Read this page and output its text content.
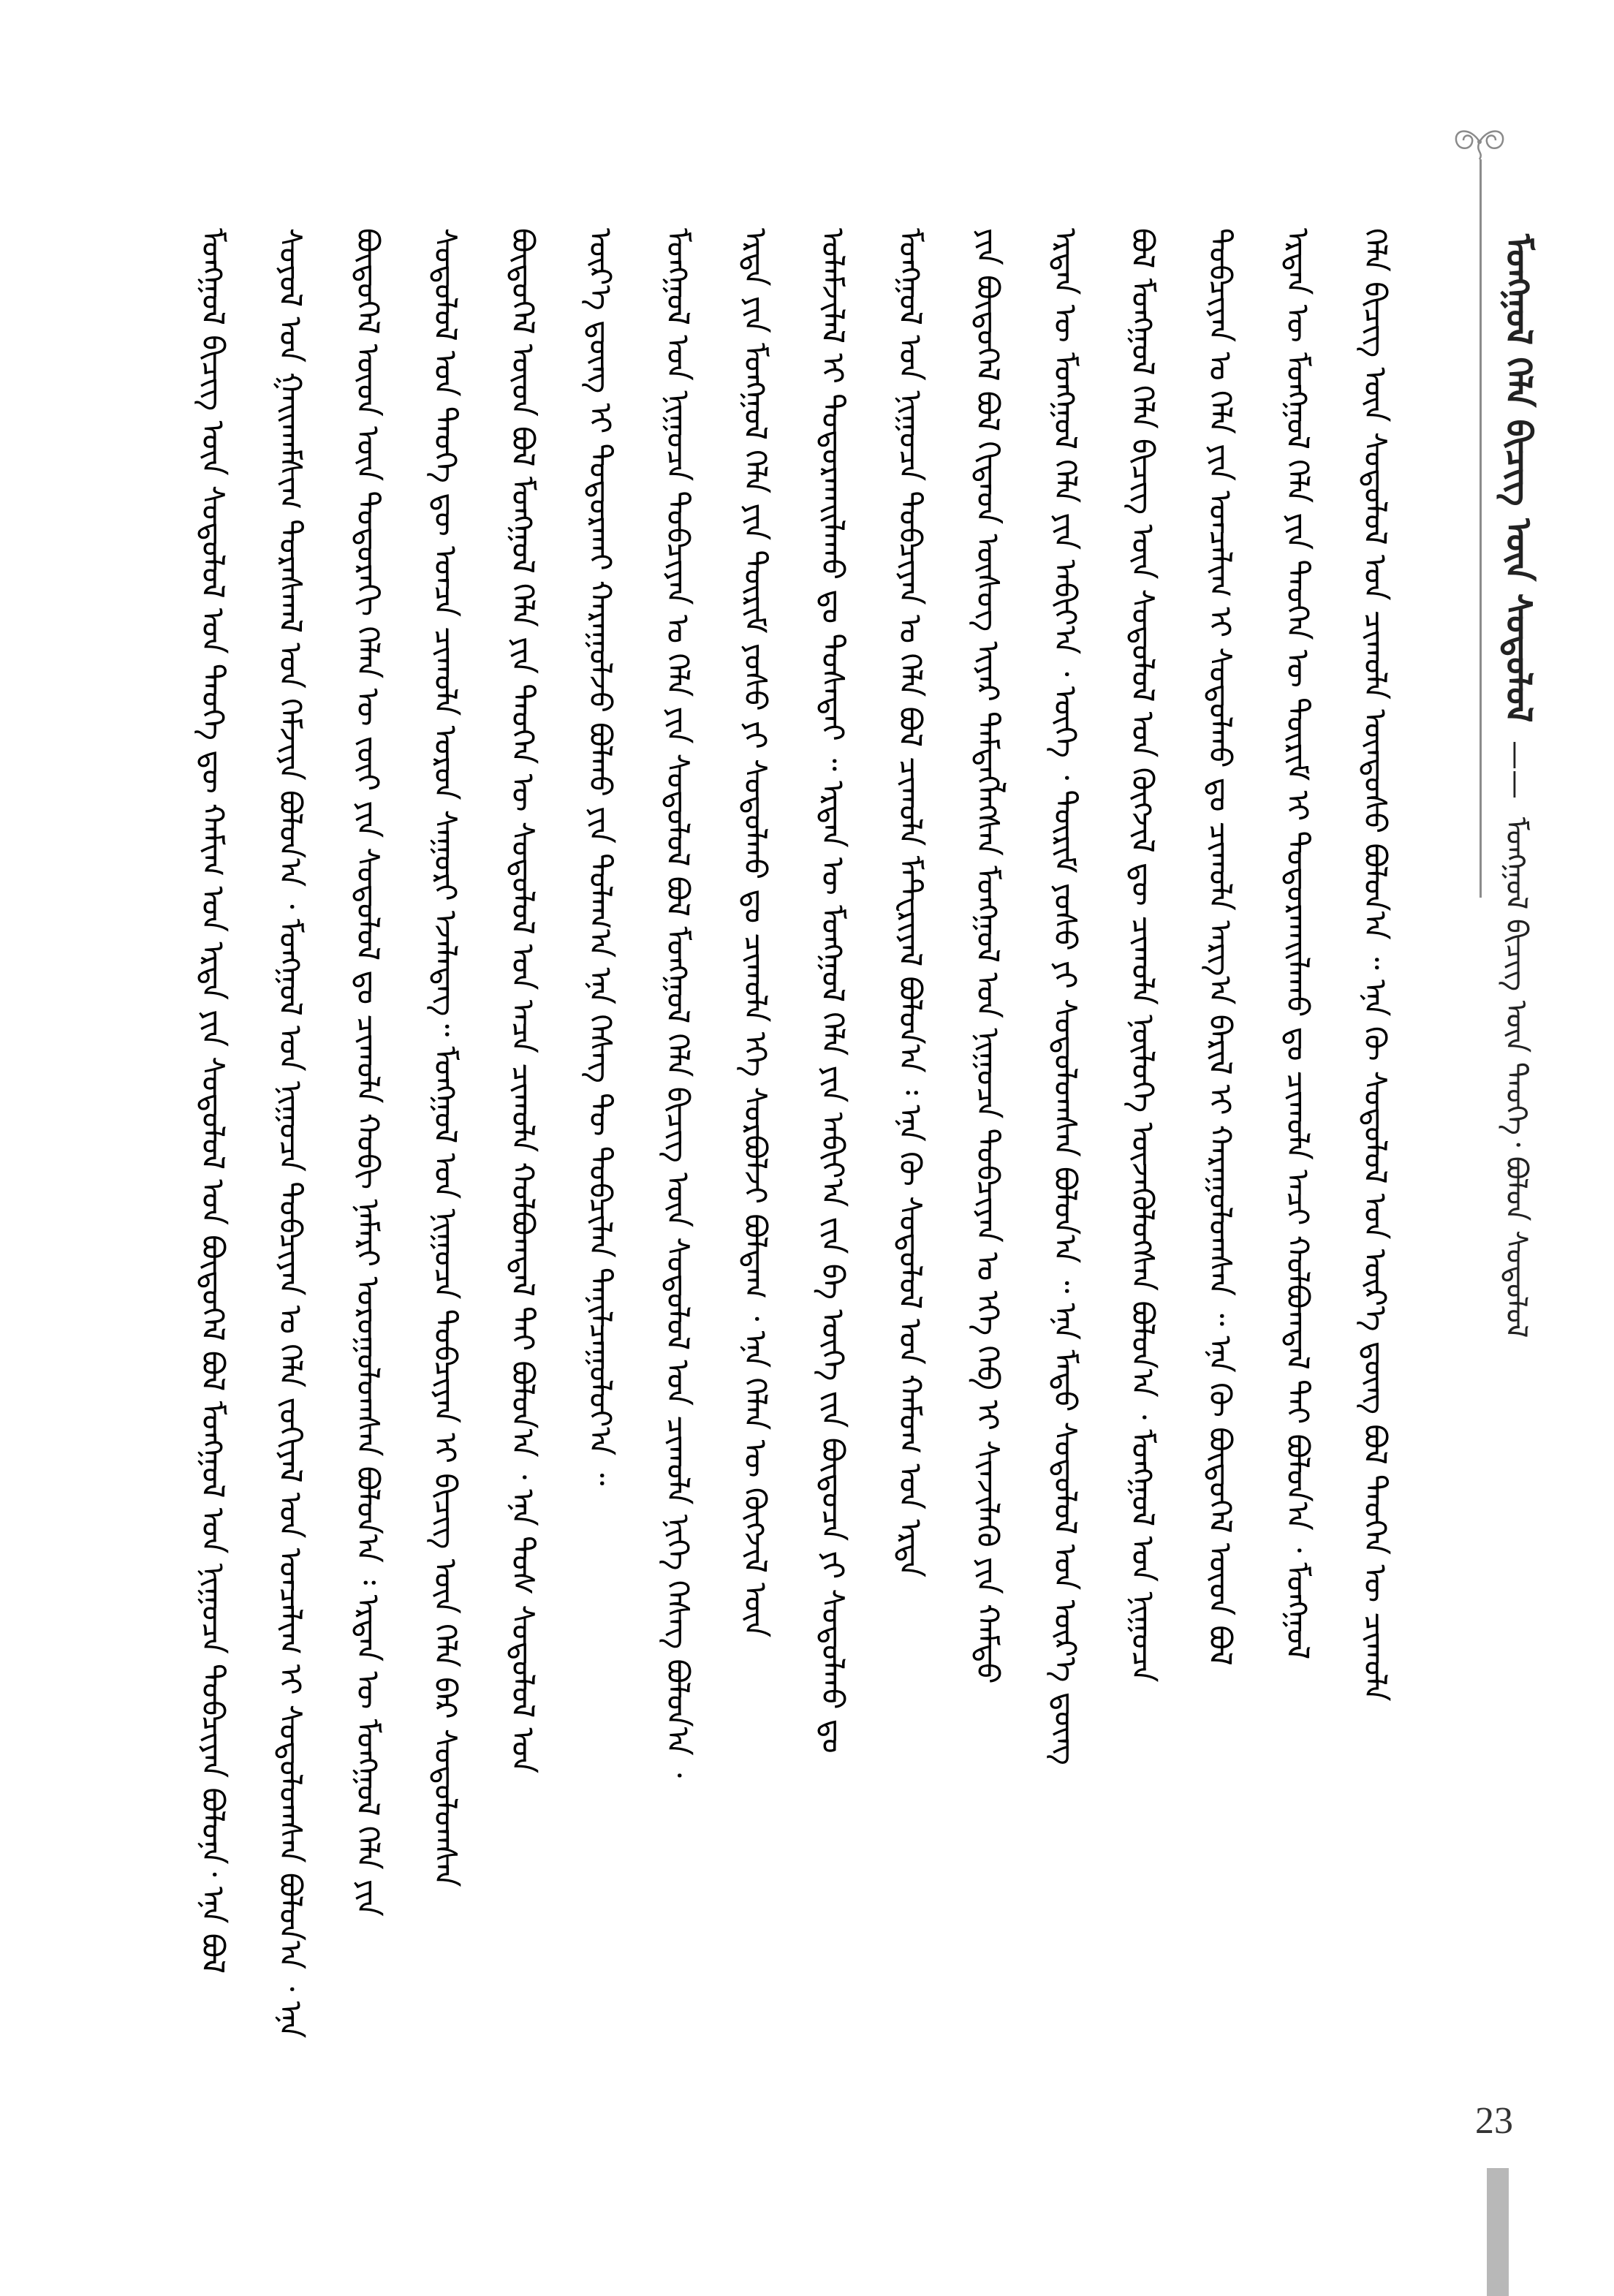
ᠮᠣᠩᠭᠣᠯ ᠬᠡᠯᠡ ᠪᠢᠴᠢᠭ ᠦᠨ ᠰᠤᠳᠤᠯᠤᠯ —— ᠮᠣᠩᠭᠣᠯ ᠪᠢᠴᠢᠭ ᠦᠨ ᠲᠡᠦᠬᠡ᠂ ᠪᠣᠯᠤᠨ ᠰᠤᠳᠤᠯᠤᠯ
ᠮᠣᠩᠭᠣᠯ ᠪᠢᠴᠢᠭ ᠦᠨ ᠰᠤᠳᠤᠯᠤᠯ ᠤᠨ ᠲᠡᠦᠬᠡ ᠳᠦ ᠬᠠᠮᠢᠭ ᠤᠨ ᠡᠷᠲᠡ ᠶᠢᠨ ᠰᠤᠳᠤᠯᠤᠯ ᠤᠨ ᠪᠦᠲᠦᠭᠡᠯ ᠪᠣᠯ ᠮᠣᠩᠭᠣᠯ ᠤᠨ ᠨᠢᠭᠤᠴᠠ ᠲᠣᠪᠴᠢᠶᠠᠨ ᠪᠣᠯᠤᠨᠠ᠂ ᠡᠨᠡ ᠪᠣᠯ ᠰᠣᠶᠣᠯ ᠤᠨ ᠭᠠᠢᠬᠠᠮᠰᠢᠭ ᠳᠤᠷᠠᠰᠬᠠᠯ ᠤᠨ ᠬᠡᠮᠵᠢᠶᠡ ᠪᠣᠯᠤᠨ᠎ᠠ ᠂ ᠮᠣᠩᠭᠣᠯ ᠤᠨ ᠨᠢᠭᠤᠴᠠ ᠲᠣᠪᠴᠢᠶᠠᠨ ᠤ ᠬᠡᠯᠡ ᠵᠣᠬᠢᠶᠠᠯ ᠤᠨ ᠣᠨᠴᠠᠯᠢᠭ ᠢ ᠰᠤᠳᠤᠯᠤᠭᠰᠠᠨ ᠪᠣᠯᠤᠨ᠎ᠠ ᠂ ᠡᠨᠡ ᠪᠦᠲᠦᠭᠡᠯ ᠦᠳ ᠦᠨ ᠳᠣᠲᠣᠷᠠᠬᠢ ᠬᠡᠯᠡᠨ ᠦ ᠵᠦᠢ ᠶᠢᠨ ᠰᠤᠳᠤᠯᠤᠯ ᠳᠤ ᠴᠢᠬᠤᠯᠠ ᠬᠤᠪᠢ ᠨᠡᠮᠡᠷᠢ ᠣᠷᠤᠭᠤᠯᠤᠭᠰᠠᠨ ᠪᠣᠯᠤᠨ᠎ᠠ ᠄ ᠡᠷᠲᠡᠨ ᠦ ᠮᠣᠩᠭᠣᠯ ᠬᠡᠯᠡ ᠶᠢᠨ ᠰᠤᠳᠤᠯᠤᠯ ᠤᠨ ᠲᠡᠦᠬᠡ ᠳᠦ ᠣᠨᠴᠠ ᠴᠢᠬᠤᠯᠠ ᠣᠷᠤᠨ ᠰᠠᠭᠤᠷᠢ ᠡᠵᠡᠯᠡᠳᠡᠭ᠃ ᠮᠣᠩᠭᠣᠯ ᠤᠨ ᠨᠢᠭᠤᠴᠠ ᠲᠣᠪᠴᠢᠶᠠᠨ ᠢ ᠪᠢᠴᠢᠭ ᠦᠨ ᠬᠡᠯᠡ ᠪᠡᠷ ᠰᠤᠳᠤᠯᠤᠭᠰᠠᠨ ᠪᠦᠲᠦᠭᠡᠯ ᠦᠳ ᠪᠣᠯ ᠮᠣᠩᠭᠣᠯ ᠬᠡᠯᠡ ᠶᠢᠨ ᠲᠡᠦᠬᠡᠨ ᠦ ᠰᠤᠳᠤᠯᠤᠯ ᠤᠨ ᠠᠴᠠ ᠴᠢᠬᠤᠯᠠ ᠬᠣᠯᠪᠣᠭᠳᠠᠯ ᠲᠠᠢ ᠪᠣᠯᠤᠨ᠎ᠠ ᠂ ᠡᠨᠡ ᠲᠤᠰ ᠰᠤᠳᠤᠯᠤᠯ ᠤᠨ ᠦᠷ᠎ᠡ ᠳ᠋ᠦᠩ ᠢ ᠲᠣᠳᠣᠷᠬᠠᠢ ᠬᠠᠷᠠᠭᠤᠯᠵᠤ ᠪᠣᠯᠬᠤ ᠶᠢᠨ ᠲᠤᠯᠠᠭ᠎ᠠ ᠡᠨᠡ ᠬᠡᠰᠡᠭ ᠲᠦ ᠲᠣᠪᠴᠢᠯᠠᠨ ᠲᠠᠨᠢᠯᠴᠠᠭᠤᠯᠤᠶ᠎ᠠ ᠃ ᠮᠣᠩᠭᠣᠯ ᠤᠨ ᠨᠢᠭᠤᠴᠠ ᠲᠣᠪᠴᠢᠶᠠᠨ ᠤ ᠬᠡᠯᠡ ᠶᠢᠨ ᠰᠤᠳᠤᠯᠤᠯ ᠪᠣᠯ ᠮᠣᠩᠭᠣᠯ ᠬᠡᠯᠡ ᠪᠢᠴᠢᠭ ᠦᠨ ᠰᠤᠳᠤᠯᠤᠯ ᠤᠨ ᠴᠢᠬᠤᠯᠠ ᠨᠢᠭᠡ ᠬᠡᠰᠡᠭ ᠪᠣᠯᠤᠨ᠎ᠠ ᠂ ᠡᠷᠲᠡ ᠶᠢᠨ ᠮᠣᠩᠭᠣᠯ ᠬᠡᠯᠡ ᠶᠢᠨ ᠳᠦᠷᠢᠮ ᠶᠣᠰᠣ ᠶᠢ ᠰᠤᠳᠤᠯᠬᠤ ᠳᠤ ᠴᠢᠬᠤᠯᠠ ᠡᠬᠡ ᠰᠤᠷᠪᠤᠯᠵᠢ ᠪᠣᠯᠳᠠᠭ ᠂ ᠡᠨᠡ ᠬᠡᠯᠡᠨ ᠦ ᠬᠥᠭᠵᠢᠯ ᠦᠨ ᠤᠯᠠᠮᠵᠢᠯᠠᠯ ᠢ ᠲᠣᠳᠣᠷᠬᠠᠢᠯᠠᠬᠤ ᠳᠤ ᠲᠤᠰᠠᠲᠠᠢ ᠃ ᠡᠷᠲᠡᠨ ᠦ ᠮᠣᠩᠭᠣᠯ ᠬᠡᠯᠡ ᠶᠢᠨ ᠠᠪᠢᠶ᠎ᠠ ᠵᠢᠨ ᠪᠠ ᠦᠭᠡ ᠵᠢᠨ ᠪᠦᠲᠦᠴᠡ ᠶᠢ ᠰᠤᠳᠤᠯᠬᠤ ᠳᠤ ᠮᠣᠩᠭᠣᠯ ᠤᠨ ᠨᠢᠭᠤᠴᠠ ᠲᠣᠪᠴᠢᠶᠠᠨ ᠤ ᠬᠡᠯᠡ ᠪᠣᠯ ᠴᠢᠬᠤᠯᠠ ᠮᠠᠲ᠋ᠧᠷᠢᠶᠠᠯ ᠪᠣᠯᠤᠨ᠎ᠠ ᠄ ᠡᠨᠡ ᠬᠦ ᠰᠤᠳᠤᠯᠤᠯ ᠤᠨ ᠬᠠᠮᠤᠭ ᠤᠨ ᠡᠷᠲᠡ ᠶᠢᠨ ᠪᠦᠲᠦᠭᠡᠯ ᠪᠣᠯ ᠬᠢᠲᠠᠳ ᠦᠰᠦᠭ ᠢᠶᠡᠷ ᠲᠡᠮᠳᠡᠭᠯᠡᠭᠰᠡᠨ ᠮᠣᠩᠭᠣᠯ ᠤᠨ ᠨᠢᠭᠤᠴᠠ ᠲᠣᠪᠴᠢᠶᠠᠨ ᠤ ᠡᠬᠡ ᠬᠡᠪ ᠢ ᠰᠢᠨᠵᠢᠯᠡᠬᠦ ᠶᠢᠨ ᠬᠠᠮᠲᠤ ᠡᠷᠲᠡᠨ ᠦ ᠮᠣᠩᠭᠣᠯ ᠬᠡᠯᠡ ᠶᠢᠨ ᠠᠪᠢᠶ᠎ᠠ ᠂ ᠦᠭᠡ ᠂ ᠳᠦᠷᠢᠮ ᠶᠣᠰᠣ ᠶᠢ ᠰᠤᠳᠤᠯᠤᠭᠰᠠᠨ ᠪᠣᠯᠤᠨ᠎ᠠ ᠃ ᠡᠨᠡ ᠮᠡᠲᠦ ᠰᠤᠳᠤᠯᠤᠯ ᠤᠨ ᠦᠷ᠎ᠡ ᠳ᠋ᠦᠩ ᠪᠣᠯ ᠮᠣᠩᠭᠣᠯ ᠬᠡᠯᠡ ᠪᠢᠴᠢᠭ ᠦᠨ ᠰᠤᠳᠤᠯᠤᠯ ᠤᠨ ᠬᠥᠭᠵᠢᠯ ᠳᠦ ᠴᠢᠬᠤᠯᠠ ᠨᠥᠯᠦᠭᠡ ᠦᠵᠡᠭᠦᠯᠦᠭᠰᠡᠨ ᠪᠣᠯᠤᠨ᠎ᠠ ᠂ ᠮᠣᠩᠭᠣᠯ ᠤᠨ ᠨᠢᠭᠤᠴᠠ ᠲᠣᠪᠴᠢᠶᠠᠨ ᠤ ᠬᠡᠯᠡ ᠶᠢᠨ ᠣᠨᠴᠠᠯᠢᠭ ᠢ ᠰᠤᠳᠤᠯᠬᠤ ᠳᠤ ᠴᠢᠬᠤᠯᠠ ᠠᠷᠭ᠎ᠠ ᠪᠠᠷᠢᠯ ᠢ ᠬᠠᠷᠠᠭᠤᠯᠤᠭᠰᠠᠨ ᠃ ᠡᠨᠡ ᠬᠦ ᠪᠦᠲᠦᠭᠡᠯ ᠦᠳ ᠪᠣᠯ ᠡᠷᠲᠡᠨ ᠦ ᠮᠣᠩᠭᠣᠯ ᠬᠡᠯᠡ ᠶᠢᠨ ᠲᠡᠦᠬᠡᠨ ᠦ ᠳᠦᠷᠢᠮ ᠢ ᠲᠣᠳᠣᠷᠬᠠᠢᠯᠠᠬᠤ ᠳᠤ ᠴᠢᠬᠤᠯᠠ ᠠᠴᠢ ᠬᠣᠯᠪᠣᠭᠳᠠᠯ ᠲᠠᠢ ᠪᠣᠯᠤᠨ᠎ᠠ ᠂ ᠮᠣᠩᠭᠣᠯ ᠬᠡᠯᠡ ᠪᠢᠴᠢᠭ ᠦᠨ ᠰᠤᠳᠤᠯᠤᠯ ᠤᠨ ᠴᠢᠬᠤᠯᠠ ᠦᠨᠳᠦᠰᠦ ᠪᠣᠯᠤᠨ᠎ᠠ ᠃ ᠡᠨᠡ ᠬᠦ ᠰᠤᠳᠤᠯᠤᠯ ᠤᠨ ᠦᠷ᠎ᠡ ᠳ᠋ᠦᠩ ᠪᠣᠯ ᠲᠡᠦᠬᠡᠨ ᠦ ᠴᠢᠬᠤᠯᠠ
23
